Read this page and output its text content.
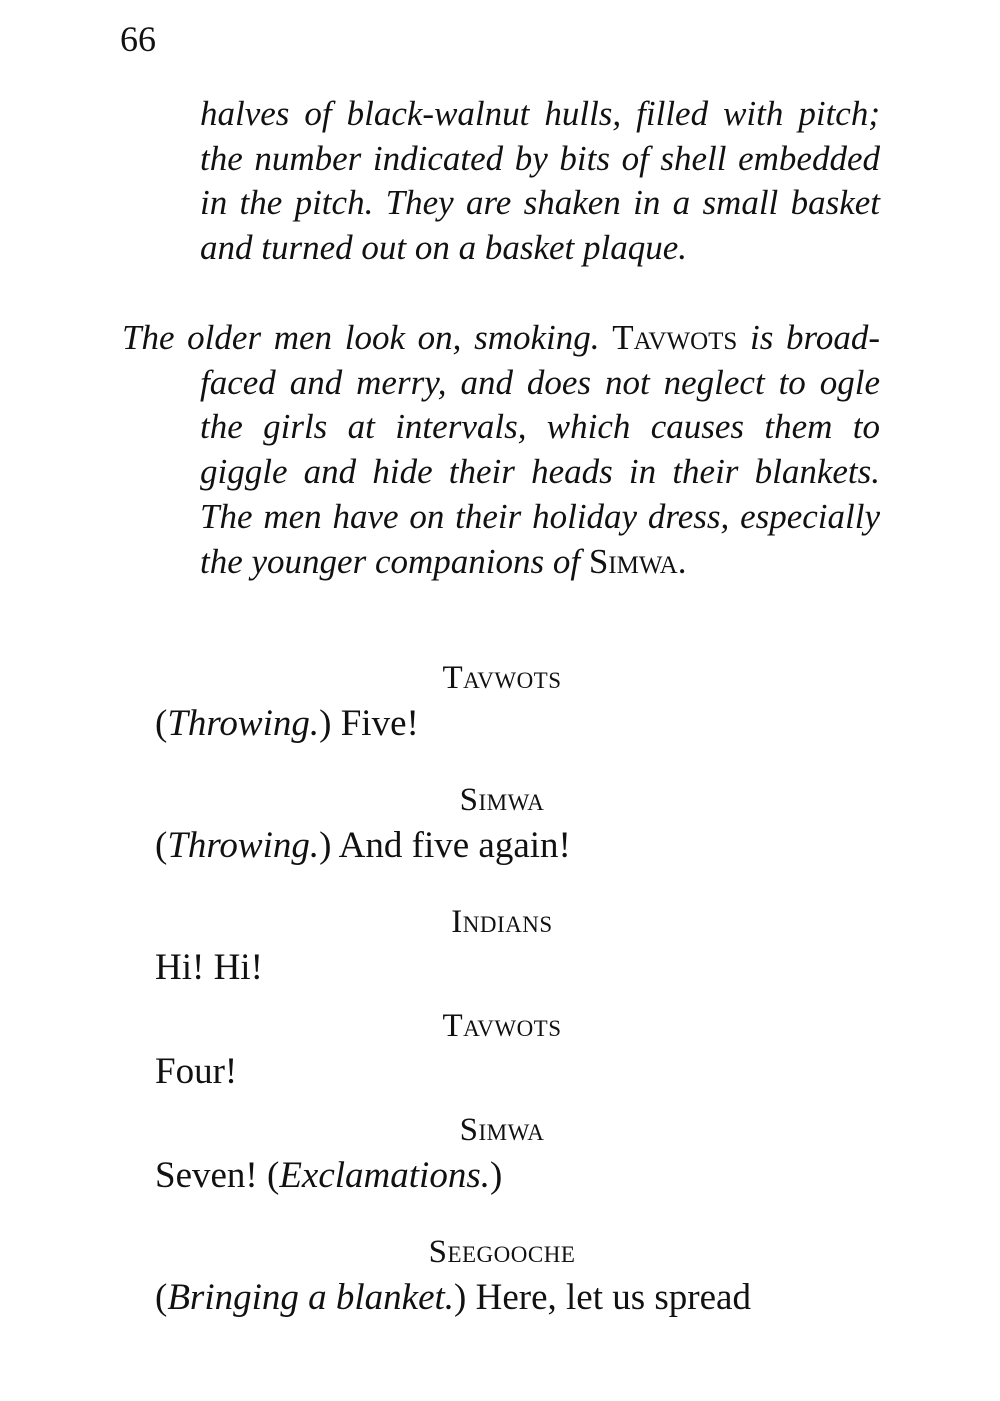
66
halves of black-walnut hulls, filled with pitch; the number indicated by bits of shell embedded in the pitch. They are shaken in a small basket and turned out on a basket plaque.
The older men look on, smoking. Tavwots is broad-faced and merry, and does not neglect to ogle the girls at intervals, which causes them to giggle and hide their heads in their blankets. The men have on their holiday dress, especially the younger companions of Simwa.
Tavwots
(Throwing.) Five!
Simwa
(Throwing.) And five again!
Indians
Hi! Hi!
Tavwots
Four!
Simwa
Seven! (Exclamations.)
Seegooche
(Bringing a blanket.) Here, let us spread
